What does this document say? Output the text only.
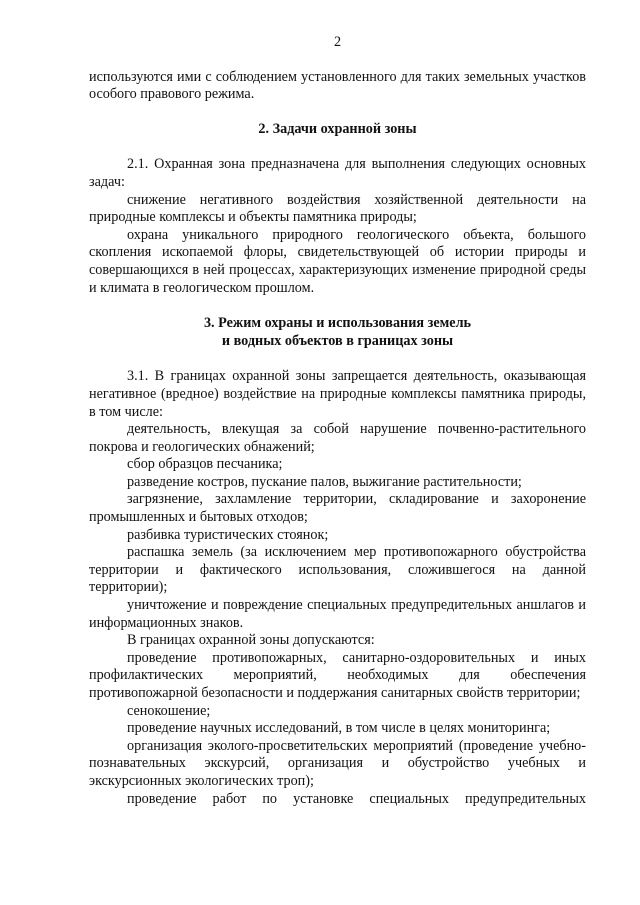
2

используются ими с соблюдением установленного для таких земельных участков особого правового режима.

2. Задачи охранной зоны

2.1. Охранная зона предназначена для выполнения следующих основных задач:

снижение негативного воздействия хозяйственной деятельности на природные комплексы и объекты памятника природы;

охрана уникального природного геологического объекта, большого скопления ископаемой флоры, свидетельствующей об истории природы и совершающихся в ней процессах, характеризующих изменение природной среды и климата в геологическом прошлом.

3. Режим охраны и использования земель
и водных объектов в границах зоны

3.1. В границах охранной зоны запрещается деятельность, оказывающая негативное (вредное) воздействие на природные комплексы памятника природы, в том числе:

деятельность, влекущая за собой нарушение почвенно-растительного покрова и геологических обнажений;

сбор образцов песчаника;

разведение костров, пускание палов, выжигание растительности;

загрязнение, захламление территории, складирование и захоронение промышленных и бытовых отходов;

разбивка туристических стоянок;

распашка земель (за исключением мер противопожарного обустройства территории и фактического использования, сложившегося на данной территории);

уничтожение и повреждение специальных предупредительных аншлагов и информационных знаков.

В границах охранной зоны допускаются:

проведение противопожарных, санитарно-оздоровительных и иных профилактических мероприятий, необходимых для обеспечения противопожарной безопасности и поддержания санитарных свойств территории;

сенокошение;

проведение научных исследований, в том числе в целях мониторинга;

организация эколого-просветительских мероприятий (проведение учебно-познавательных экскурсий, организация и обустройство учебных и экскурсионных экологических троп);

проведение работ по установке специальных предупредительных
